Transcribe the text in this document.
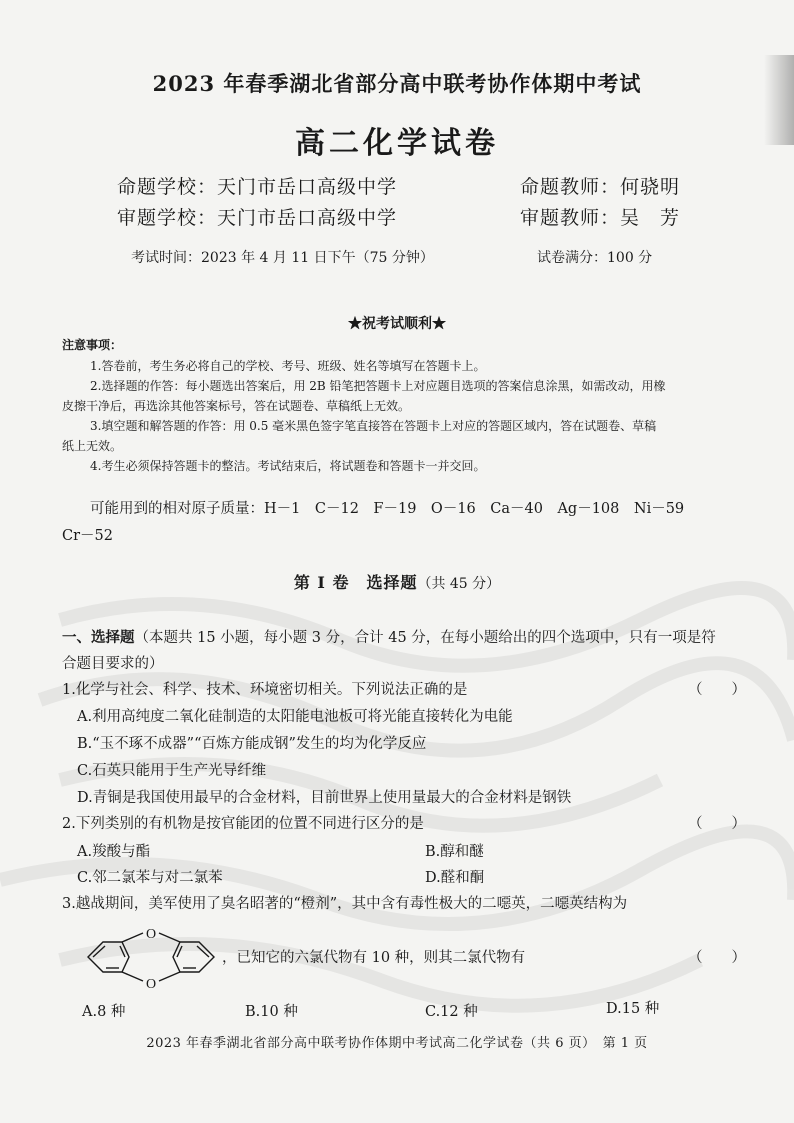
2023 年春季湖北省部分高中联考协作体期中考试
高二化学试卷
命题学校：天门市岳口高级中学	命题教师：何骁明
审题学校：天门市岳口高级中学	审题教师：吴　芳
考试时间：2023 年 4 月 11 日下午（75 分钟）	试卷满分：100 分
★祝考试顺利★
注意事项：
1.答卷前，考生务必将自己的学校、考号、班级、姓名等填写在答题卡上。
2.选择题的作答：每小题选出答案后，用 2B 铅笔把答题卡上对应题目选项的答案信息涂黑，如需改动，用橡
皮擦干净后，再选涂其他答案标号，答在试题卷、草稿纸上无效。
3.填空题和解答题的作答：用 0.5 毫米黑色签字笔直接答在答题卡上对应的答题区域内，答在试题卷、草稿
纸上无效。
4.考生必须保持答题卡的整洁。考试结束后，将试题卷和答题卡一并交回。
可能用到的相对原子质量：H－1　C－12　F－19　O－16　Ca－40　Ag－108　Ni－59
Cr－52
第 Ⅰ 卷　选择题（共 45 分）
一、选择题（本题共 15 小题，每小题 3 分，合计 45 分，在每小题给出的四个选项中，只有一项是符
合题目要求的）
1.化学与社会、科学、技术、环境密切相关。下列说法正确的是	（　　）
A.利用高纯度二氧化硅制造的太阳能电池板可将光能直接转化为电能
B.“玉不琢不成器”“百炼方能成钢”发生的均为化学反应
C.石英只能用于生产光导纤维
D.青铜是我国使用最早的合金材料，目前世界上使用量最大的合金材料是钢铁
2.下列类别的有机物是按官能团的位置不同进行区分的是	（　　）
A.羧酸与酯	B.醇和醚
C.邻二氯苯与对二氯苯	D.醛和酮
3.越战期间，美军使用了臭名昭著的“橙剂”，其中含有毒性极大的二噁英，二噁英结构为
O
O
，已知它的六氯代物有 10 种，则其二氯代物有	（　　）
A.8 种	B.10 种	C.12 种	D.15 种
2023 年春季湖北省部分高中联考协作体期中考试高二化学试卷（共 6 页）　第 1 页
